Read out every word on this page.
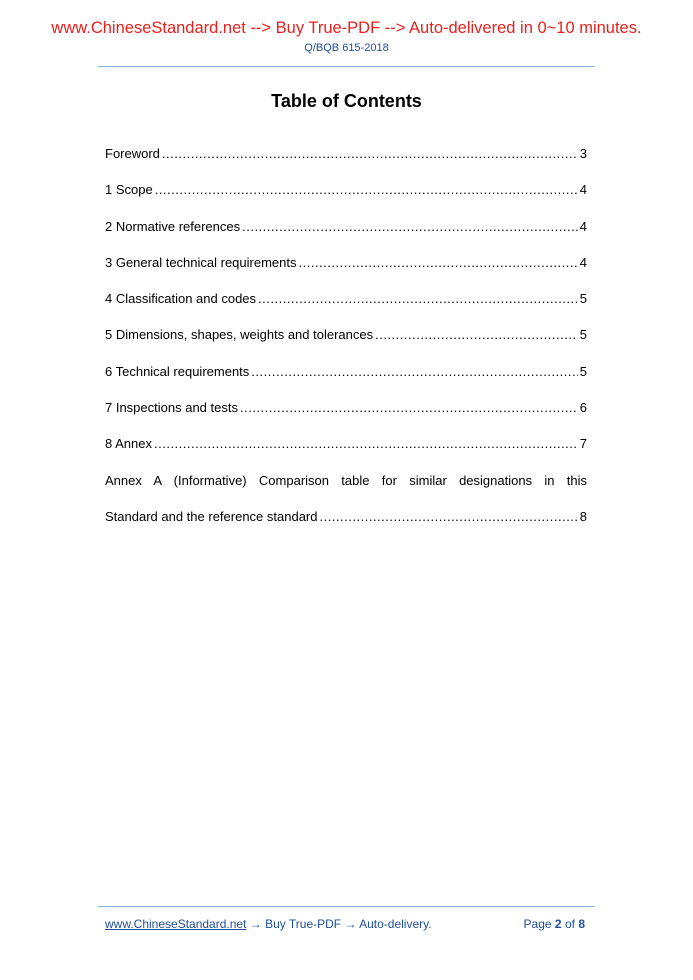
www.ChineseStandard.net --> Buy True-PDF --> Auto-delivered in 0~10 minutes.
Q/BQB 615-2018
Table of Contents
Foreword .....	3
1 Scope .....	4
2 Normative references .....	4
3 General technical requirements .....	4
4 Classification and codes .....	5
5 Dimensions, shapes, weights and tolerances .....	5
6 Technical requirements .....	5
7 Inspections and tests .....	6
8 Annex .....	7
Annex A (Informative) Comparison table for similar designations in this
Standard and the reference standard .....	8
www.ChineseStandard.net → Buy True-PDF → Auto-delivery.	Page 2 of 8
